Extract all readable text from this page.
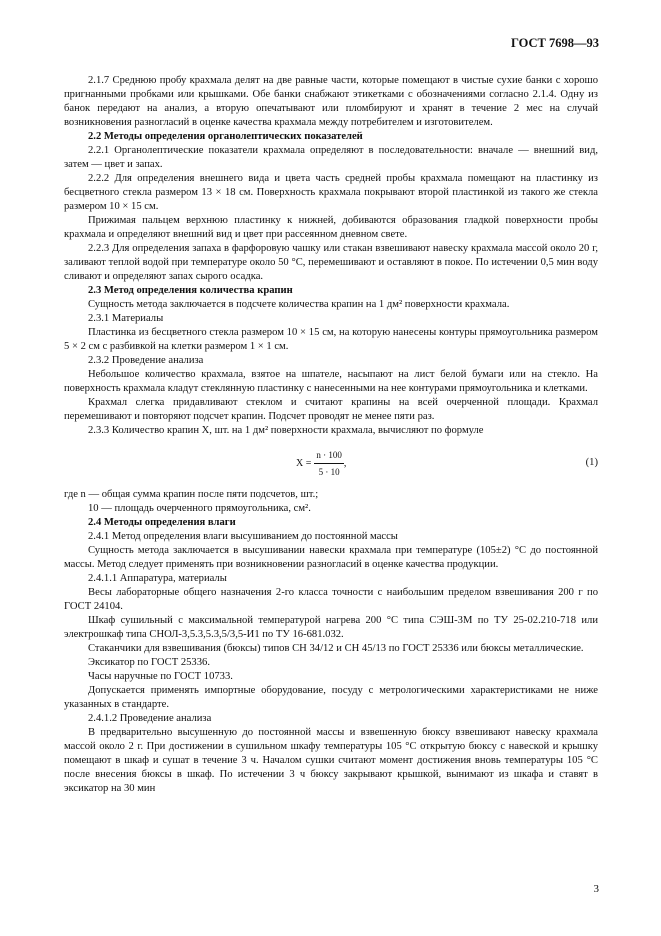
ГОСТ 7698—93

2.1.7 Среднюю пробу крахмала делят на две равные части, которые помещают в чистые сухие банки с хорошо пригнанными пробками или крышками. Обе банки снабжают этикетками с обозначениями согласно 2.1.4. Одну из банок передают на анализ, а вторую опечатывают или пломбируют и хранят в течение 2 мес на случай возникновения разногласий в оценке качества крахмала между потребителем и изготовителем.

2.2 Методы определения органолептических показателей

2.2.1 Органолептические показатели крахмала определяют в последовательности: вначале — внешний вид, затем — цвет и запах.

2.2.2 Для определения внешнего вида и цвета часть средней пробы крахмала помещают на пластинку из бесцветного стекла размером 13 × 18 см. Поверхность крахмала покрывают второй пластинкой из такого же стекла размером 10 × 15 см.

Прижимая пальцем верхнюю пластинку к нижней, добиваются образования гладкой поверхности пробы крахмала и определяют внешний вид и цвет при рассеянном дневном свете.

2.2.3 Для определения запаха в фарфоровую чашку или стакан взвешивают навеску крахмала массой около 20 г, заливают теплой водой при температуре около 50 °С, перемешивают и оставляют в покое. По истечении 0,5 мин воду сливают и определяют запах сырого осадка.

2.3 Метод определения количества крапин

Сущность метода заключается в подсчете количества крапин на 1 дм² поверхности крахмала.

2.3.1 Материалы

Пластинка из бесцветного стекла размером 10 × 15 см, на которую нанесены контуры прямоугольника размером 5 × 2 см с разбивкой на клетки размером 1 × 1 см.

2.3.2 Проведение анализа

Небольшое количество крахмала, взятое на шпателе, насыпают на лист белой бумаги или на стекло. На поверхность крахмала кладут стеклянную пластинку с нанесенными на нее контурами прямоугольника и клетками.

Крахмал слегка придавливают стеклом и считают крапины на всей очерченной площади. Крахмал перемешивают и повторяют подсчет крапин. Подсчет проводят не менее пяти раз.

2.3.3 Количество крапин X, шт. на 1 дм² поверхности крахмала, вычисляют по формуле

$X = \frac{n \cdot 100}{5 \cdot 10}$ ,	(1)

где n — общая сумма крапин после пяти подсчетов, шт.;

10 — площадь очерченного прямоугольника, см².

2.4 Методы определения влаги

2.4.1 Метод определения влаги высушиванием до постоянной массы

Сущность метода заключается в высушивании навески крахмала при температуре (105±2) °С до постоянной массы. Метод следует применять при возникновении разногласий в оценке качества продукции.

2.4.1.1 Аппаратура, материалы

Весы лабораторные общего назначения 2-го класса точности с наибольшим пределом взвешивания 200 г по ГОСТ 24104.

Шкаф сушильный с максимальной температурой нагрева 200 °С типа СЭШ-3М по ТУ 25-02.210-718 или электрошкаф типа СНОЛ-3,5.3,5.3,5/3,5-И1 по ТУ 16-681.032.

Стаканчики для взвешивания (бюксы) типов СН 34/12 и СН 45/13 по ГОСТ 25336 или бюксы металлические.

Эксикатор по ГОСТ 25336.

Часы наручные по ГОСТ 10733.

Допускается применять импортные оборудование, посуду с метрологическими характеристиками не ниже указанных в стандарте.

2.4.1.2 Проведение анализа

В предварительно высушенную до постоянной массы и взвешенную бюксу взвешивают навеску крахмала массой около 2 г. При достижении в сушильном шкафу температуры 105 °С открытую бюксу с навеской и крышку помещают в шкаф и сушат в течение 3 ч. Началом сушки считают момент достижения вновь температуры 105 °С после внесения бюксы в шкаф. По истечении 3 ч бюксу закрывают крышкой, вынимают из шкафа и ставят в эксикатор на 30 мин

3
